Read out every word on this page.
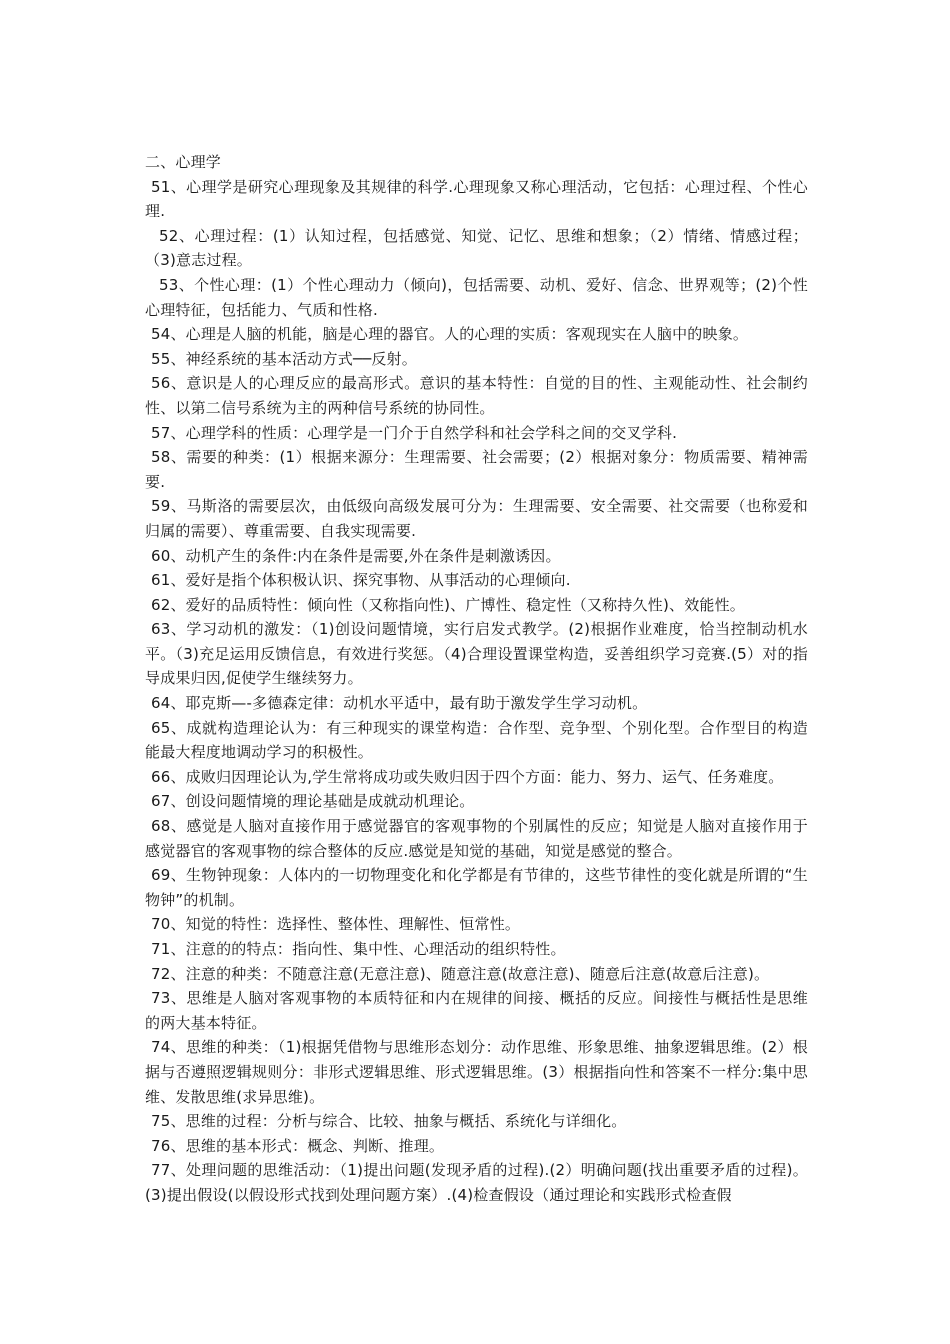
二、心理学

51、心理学是研究心理现象及其规律的科学.心理现象又称心理活动，它包括：心理过程、个性心理.

52、心理过程：(1）认知过程，包括感觉、知觉、记忆、思维和想象；（2）情绪、情感过程；（3)意志过程。

53、个性心理：(1）个性心理动力（倾向)，包括需要、动机、爱好、信念、世界观等；(2)个性心理特征，包括能力、气质和性格.

54、心理是人脑的机能，脑是心理的器官。人的心理的实质：客观现实在人脑中的映象。

55、神经系统的基本活动方式──反射。

56、意识是人的心理反应的最高形式。意识的基本特性：自觉的目的性、主观能动性、社会制约性、以第二信号系统为主的两种信号系统的协同性。

57、心理学科的性质：心理学是一门介于自然学科和社会学科之间的交叉学科.

58、需要的种类：(1）根据来源分：生理需要、社会需要；(2）根据对象分：物质需要、精神需要.

59、马斯洛的需要层次，由低级向高级发展可分为：生理需要、安全需要、社交需要（也称爱和归属的需要）、尊重需要、自我实现需要.

60、动机产生的条件:内在条件是需要,外在条件是刺激诱因。

61、爱好是指个体积极认识、探究事物、从事活动的心理倾向.

62、爱好的品质特性：倾向性（又称指向性)、广博性、稳定性（又称持久性)、效能性。

63、学习动机的激发：（1)创设问题情境，实行启发式教学。(2)根据作业难度，恰当控制动机水平。（3)充足运用反馈信息，有效进行奖惩。（4)合理设置课堂构造，妥善组织学习竞赛.(5）对的指导成果归因,促使学生继续努力。

64、耶克斯—-多德森定律：动机水平适中，最有助于激发学生学习动机。

65、成就构造理论认为：有三种现实的课堂构造：合作型、竞争型、个别化型。合作型目的构造能最大程度地调动学习的积极性。

66、成败归因理论认为,学生常将成功或失败归因于四个方面：能力、努力、运气、任务难度。

67、创设问题情境的理论基础是成就动机理论。

68、感觉是人脑对直接作用于感觉器官的客观事物的个别属性的反应；知觉是人脑对直接作用于感觉器官的客观事物的综合整体的反应.感觉是知觉的基础，知觉是感觉的整合。

69、生物钟现象：人体内的一切物理变化和化学都是有节律的，这些节律性的变化就是所谓的“生物钟”的机制。

70、知觉的特性：选择性、整体性、理解性、恒常性。

71、注意的的特点：指向性、集中性、心理活动的组织特性。

72、注意的种类：不随意注意(无意注意)、随意注意(故意注意)、随意后注意(故意后注意)。

73、思维是人脑对客观事物的本质特征和内在规律的间接、概括的反应。间接性与概括性是思维的两大基本特征。

74、思维的种类：（1)根据凭借物与思维形态划分：动作思维、形象思维、抽象逻辑思维。(2）根据与否遵照逻辑规则分：非形式逻辑思维、形式逻辑思维。(3）根据指向性和答案不一样分:集中思维、发散思维(求异思维)。

75、思维的过程：分析与综合、比较、抽象与概括、系统化与详细化。

76、思维的基本形式：概念、判断、推理。

77、处理问题的思维活动：（1)提出问题(发现矛盾的过程).(2）明确问题(找出重要矛盾的过程)。(3)提出假设(以假设形式找到处理问题方案）.(4)检查假设（通过理论和实践形式检查假
